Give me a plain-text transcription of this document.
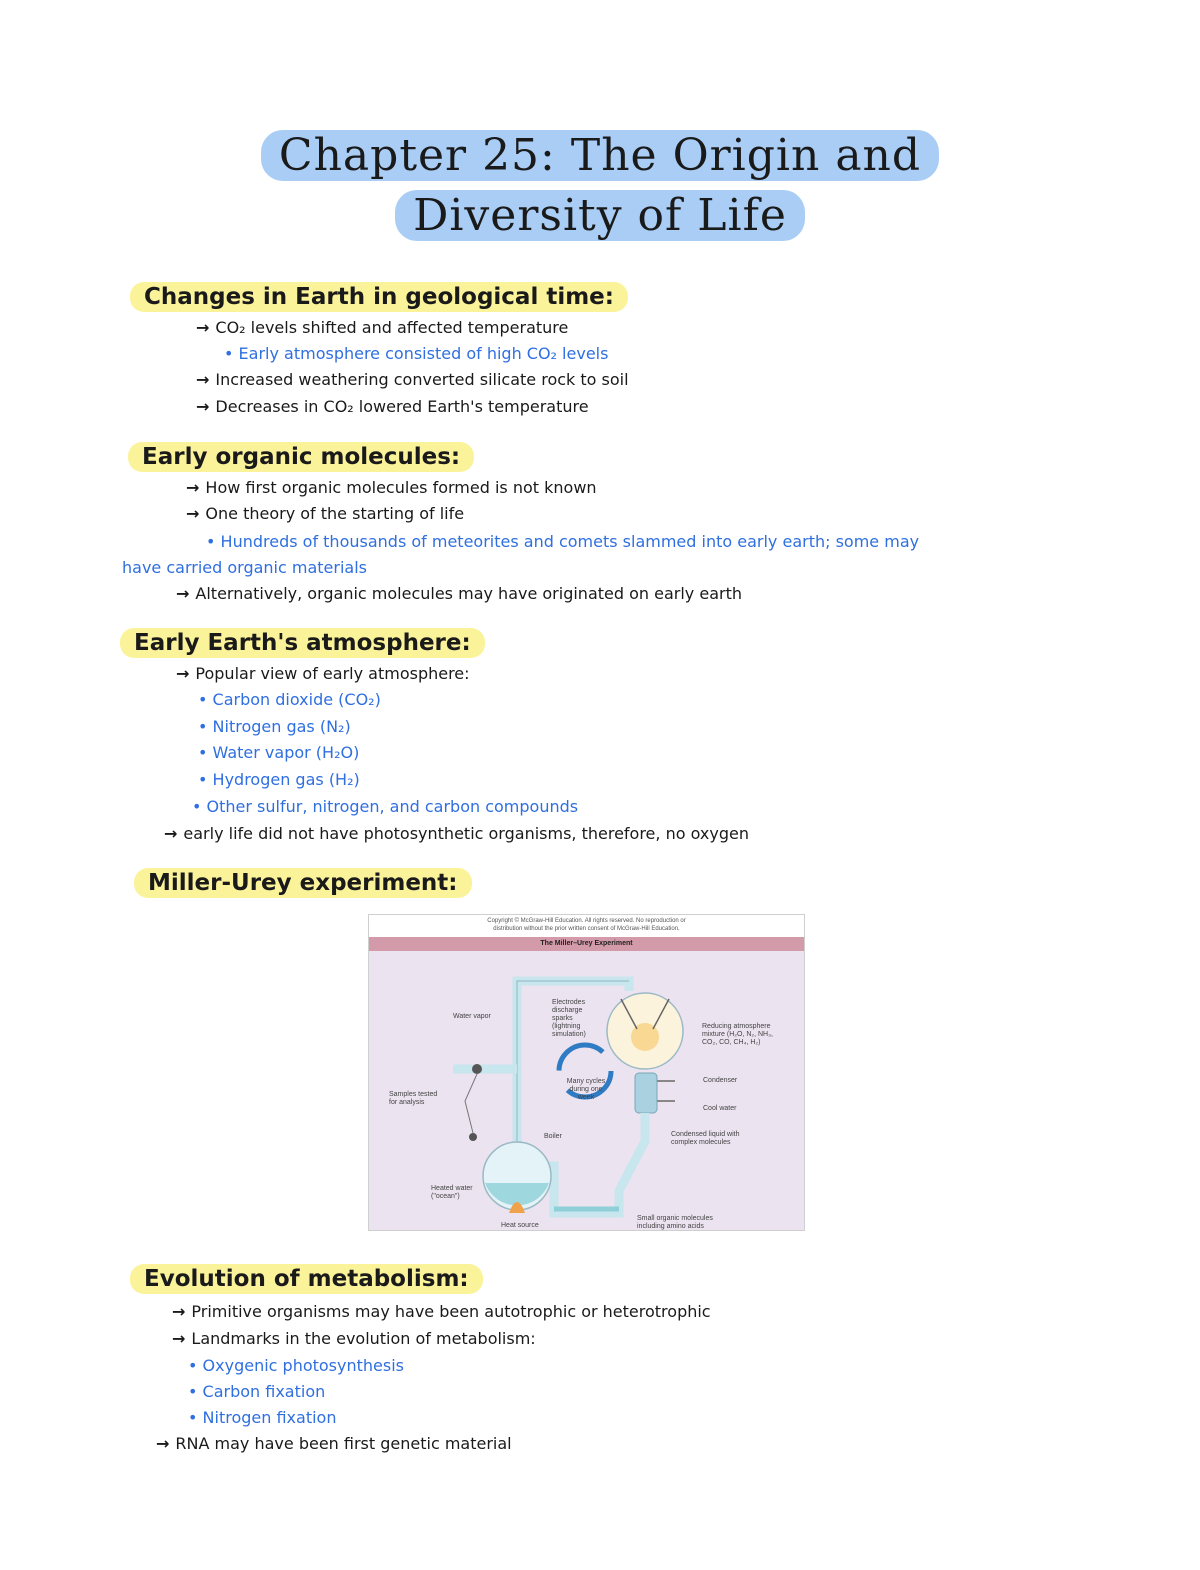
Chapter 25: The Origin and
Diversity of Life
Changes in Earth in geological time:
→ CO₂ levels shifted and affected temperature
• Early atmosphere consisted of high CO₂ levels
→ Increased weathering converted silicate rock to soil
→ Decreases in CO₂ lowered Earth's temperature
Early organic molecules:
→ How first organic molecules formed is not known
→ One theory of the starting of life
• Hundreds of thousands of meteorites and comets slammed into early earth; some may
have carried organic materials
→ Alternatively, organic molecules may have originated on early earth
Early Earth's atmosphere:
→ Popular view of early atmosphere:
• Carbon dioxide (CO₂)
• Nitrogen gas (N₂)
• Water vapor (H₂O)
• Hydrogen gas (H₂)
• Other sulfur, nitrogen, and carbon compounds
→ early life did not have photosynthetic organisms, therefore, no oxygen
Miller-Urey experiment:
Copyright © McGraw-Hill Education. All rights reserved. No reproduction or
distribution without the prior written consent of McGraw-Hill Education.
The Miller–Urey Experiment
Water vapor
Electrodes
discharge
sparks
(lightning
simulation)
Reducing atmosphere
mixture (H₂O, N₂, NH₃,
CO₂, CO, CH₄, H₂)
Many cycles
during one
week
Condenser
Cool water
Samples tested
for analysis
Boiler	Condensed liquid with
complex molecules
Heated water
("ocean")
Heat source
Small organic molecules
including amino acids
Evolution of metabolism:
→ Primitive organisms may have been autotrophic or heterotrophic
→ Landmarks in the evolution of metabolism:
• Oxygenic photosynthesis
• Carbon fixation
• Nitrogen fixation
→ RNA may have been first genetic material
